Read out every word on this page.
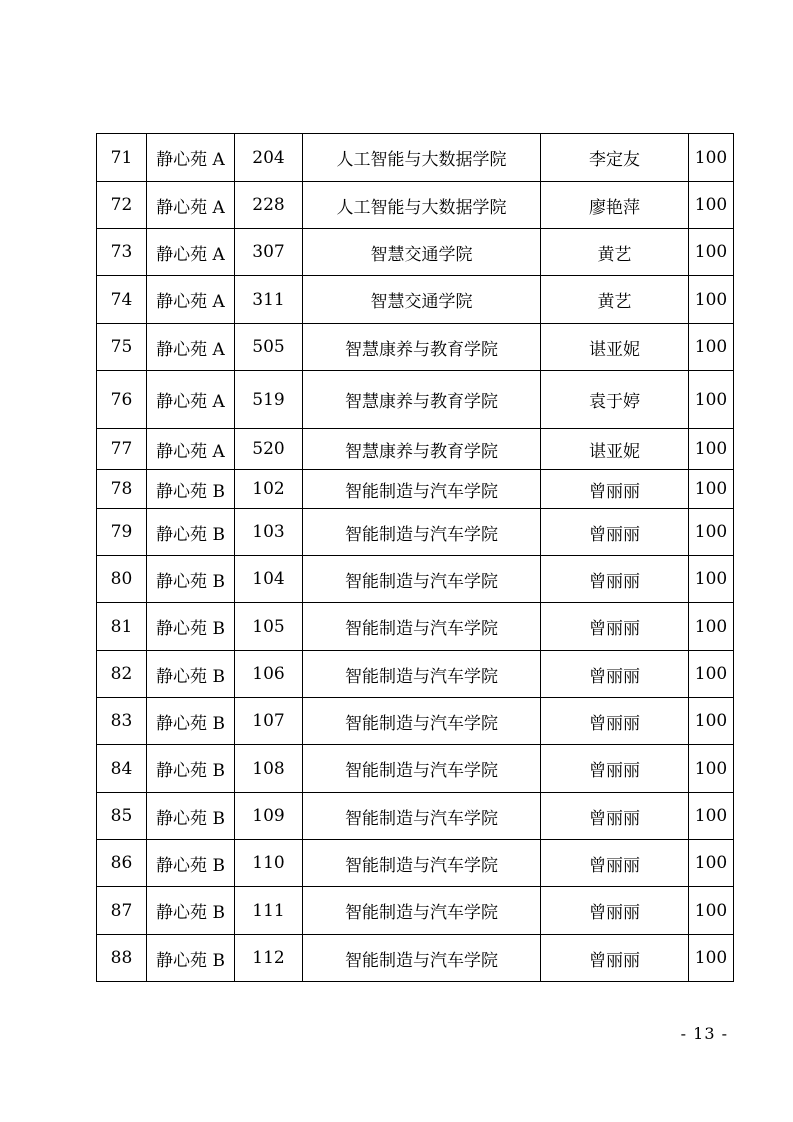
71	静心苑 A	204	人工智能与大数据学院	李定友	100
72	静心苑 A	228	人工智能与大数据学院	廖艳萍	100
73	静心苑 A	307	智慧交通学院	黄艺	100
74	静心苑 A	311	智慧交通学院	黄艺	100
75	静心苑 A	505	智慧康养与教育学院	谌亚妮	100
76	静心苑 A	519	智慧康养与教育学院	袁于婷	100
77	静心苑 A	520	智慧康养与教育学院	谌亚妮	100
78	静心苑 B	102	智能制造与汽车学院	曾丽丽	100
79	静心苑 B	103	智能制造与汽车学院	曾丽丽	100
80	静心苑 B	104	智能制造与汽车学院	曾丽丽	100
81	静心苑 B	105	智能制造与汽车学院	曾丽丽	100
82	静心苑 B	106	智能制造与汽车学院	曾丽丽	100
83	静心苑 B	107	智能制造与汽车学院	曾丽丽	100
84	静心苑 B	108	智能制造与汽车学院	曾丽丽	100
85	静心苑 B	109	智能制造与汽车学院	曾丽丽	100
86	静心苑 B	110	智能制造与汽车学院	曾丽丽	100
87	静心苑 B	111	智能制造与汽车学院	曾丽丽	100
88	静心苑 B	112	智能制造与汽车学院	曾丽丽	100
- 13 -
